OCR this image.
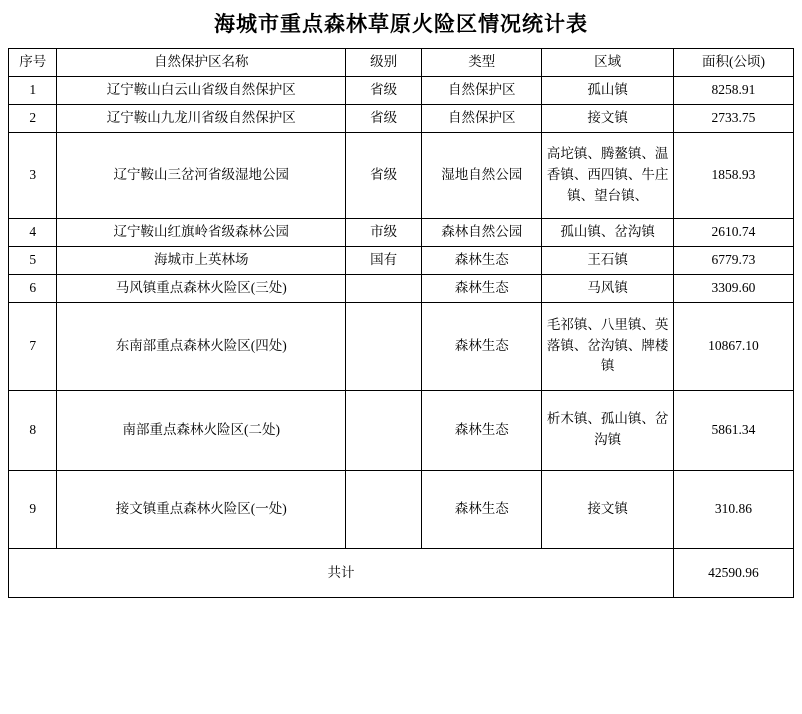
海城市重点森林草原火险区情况统计表
序号	自然保护区名称	级别	类型	区域	面积(公顷)
1	辽宁鞍山白云山省级自然保护区	省级	自然保护区	孤山镇	8258.91
2	辽宁鞍山九龙川省级自然保护区	省级	自然保护区	接文镇	2733.75
3	辽宁鞍山三岔河省级湿地公园	省级	湿地自然公园	高坨镇、腾鳌镇、温香镇、西四镇、牛庄镇、望台镇、	1858.93
4	辽宁鞍山红旗岭省级森林公园	市级	森林自然公园	孤山镇、岔沟镇	2610.74
5	海城市上英林场	国有	森林生态	王石镇	6779.73
6	马风镇重点森林火险区(三处)		森林生态	马风镇	3309.60
7	东南部重点森林火险区(四处)		森林生态	毛祁镇、八里镇、英落镇、岔沟镇、牌楼镇	10867.10
8	南部重点森林火险区(二处)		森林生态	析木镇、孤山镇、岔沟镇	5861.34
9	接文镇重点森林火险区(一处)		森林生态	接文镇	310.86
共计					42590.96
